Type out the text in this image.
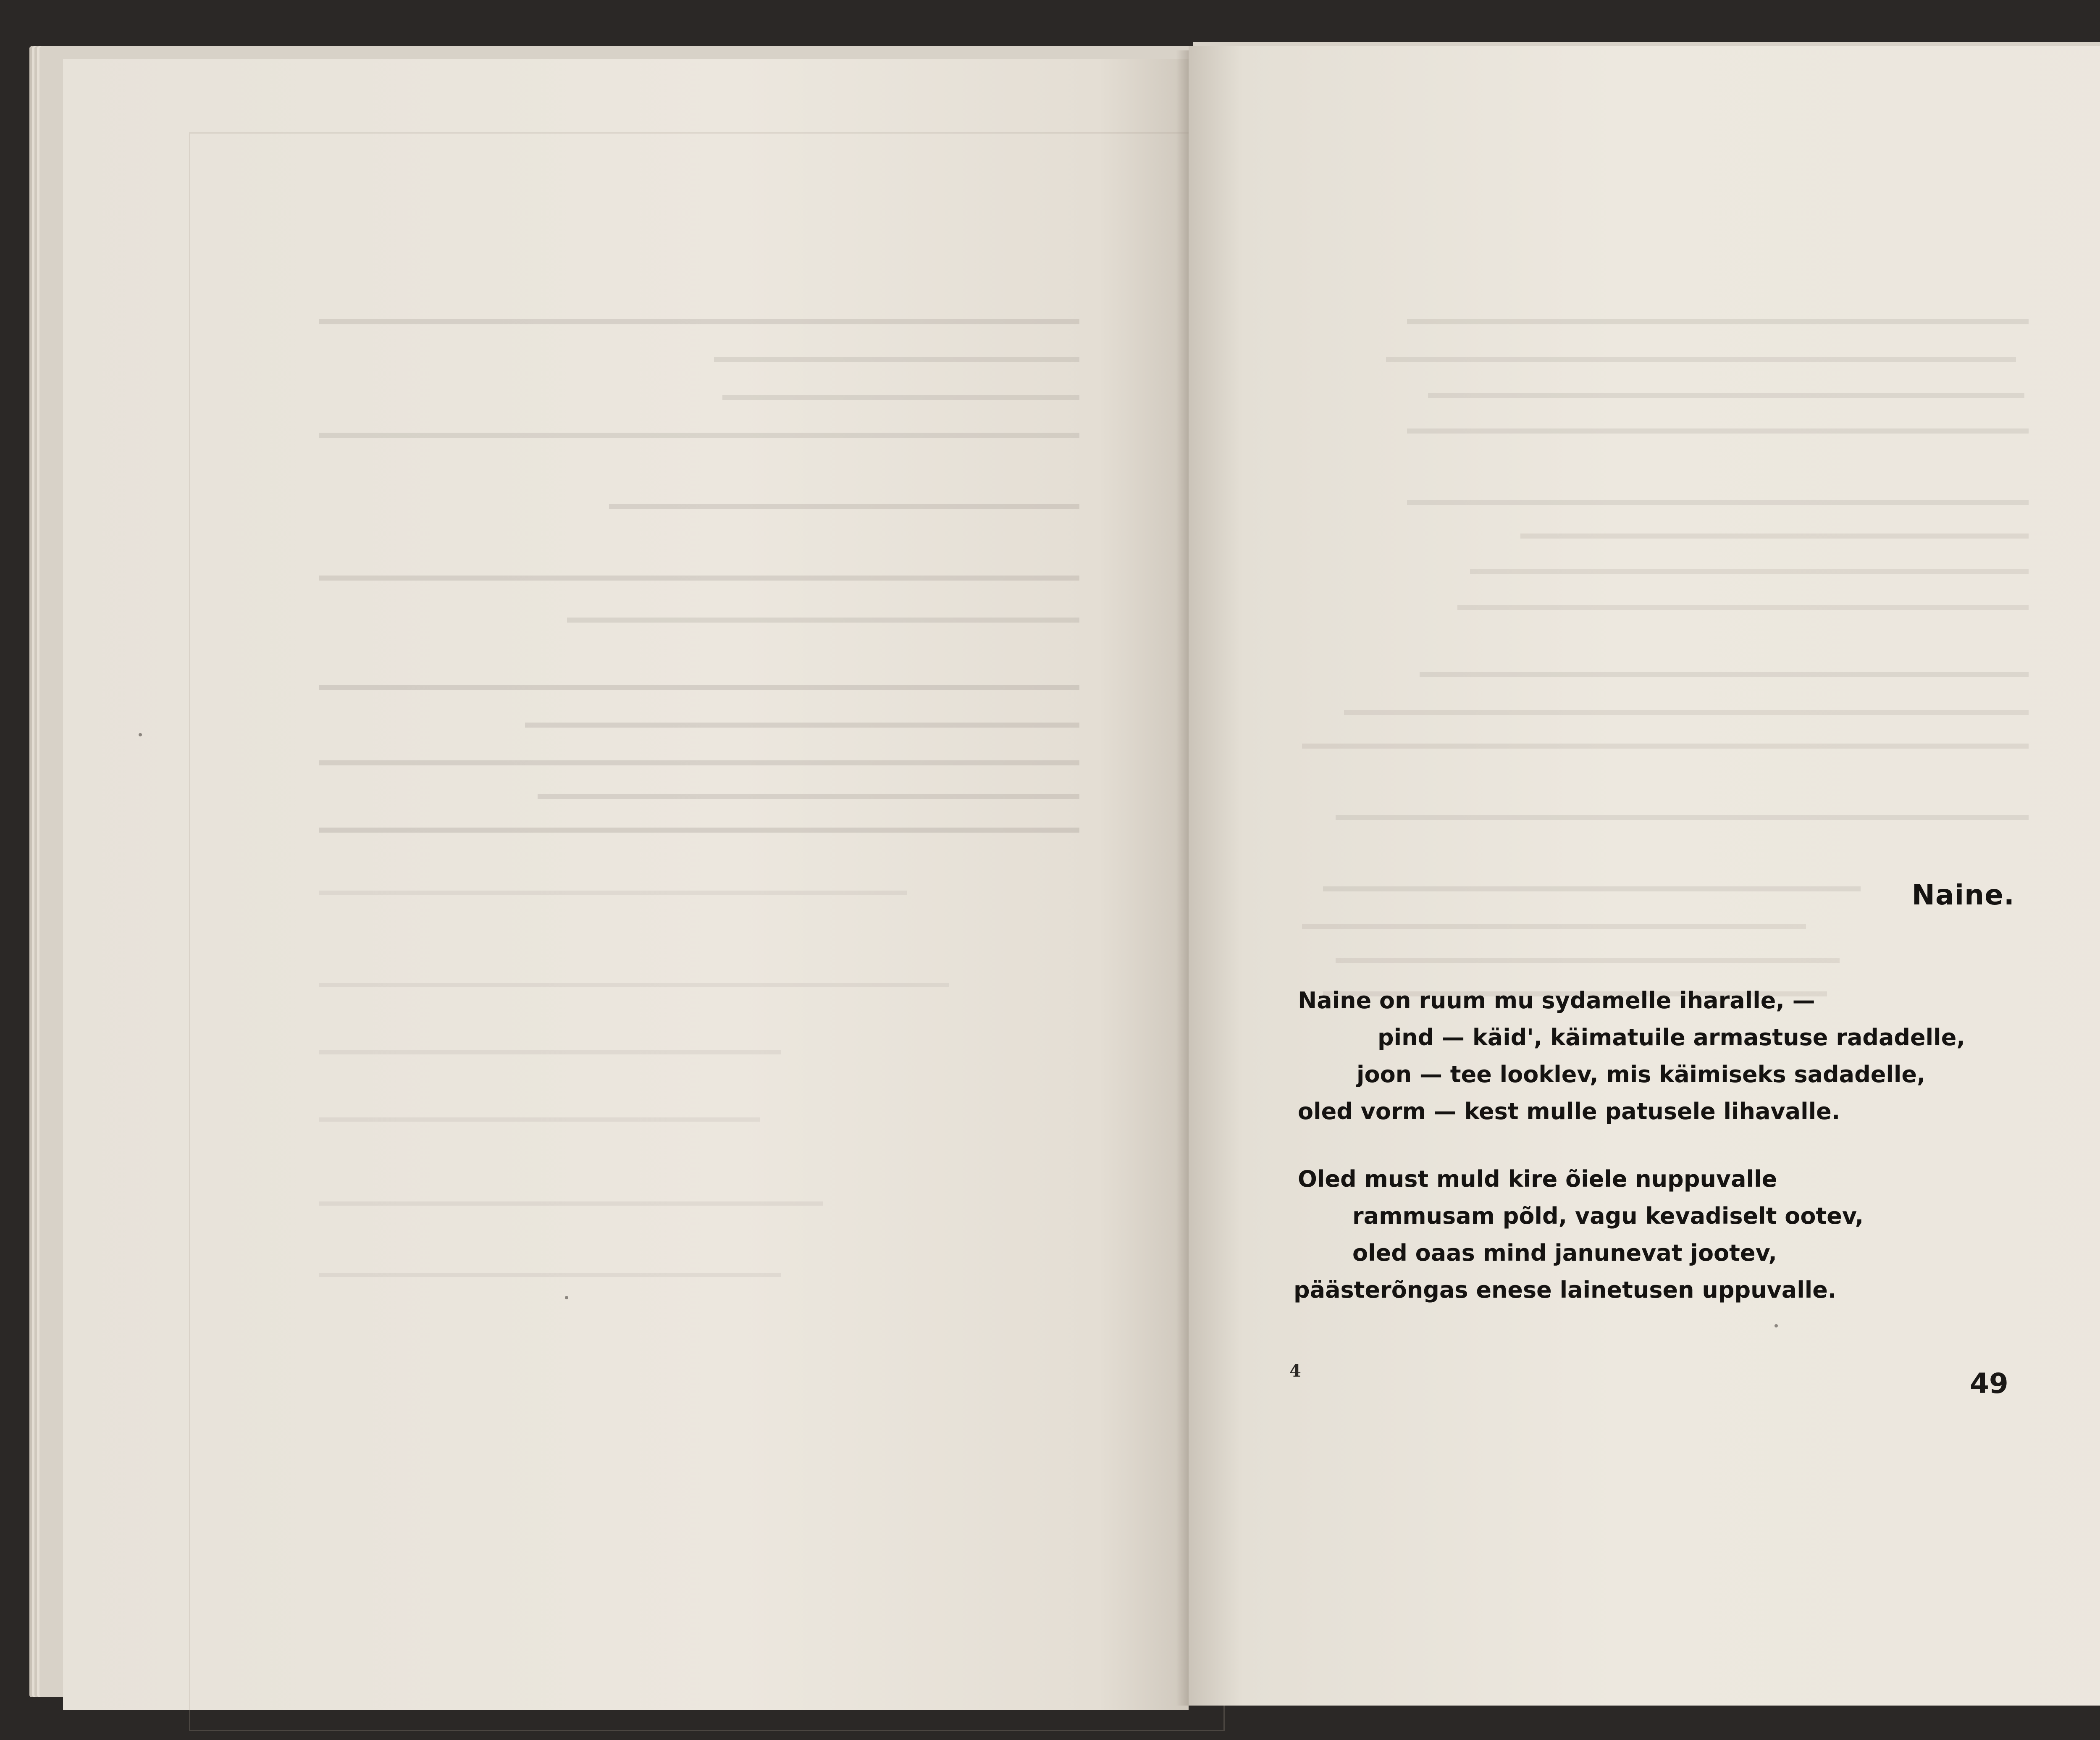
Naine.
Naine on ruum mu sydamelle iharalle, —
pind — käid', käimatuile armastuse radadelle,
joon — tee looklev, mis käimiseks sadadelle,
oled vorm — kest mulle patusele lihavalle.
Oled must muld kire õiele nuppuvalle
rammusam põld, vagu kevadiselt ootev,
oled oaas mind janunevat jootev,
päästerõngas enese lainetusen uppuvalle.
4	49
